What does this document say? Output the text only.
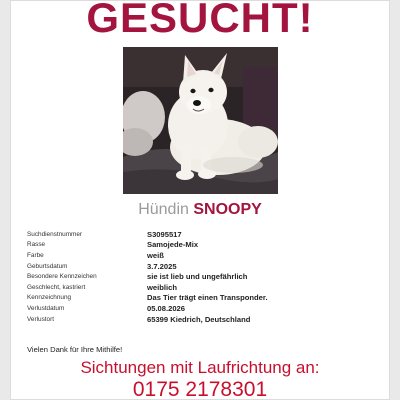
GESUCHT!
Hündin SNOOPY
Suchdienstnummer	S3095517
Rasse	Samojede-Mix
Farbe	weiß
Geburtsdatum	3.7.2025
Besondere Kennzeichen	sie ist lieb und ungefährlich
Geschlecht, kastriert	weiblich
Kennzeichnung	Das Tier trägt einen Transponder.
Verlustdatum	05.08.2026
Verlustort	65399 Kiedrich, Deutschland
Vielen Dank für Ihre Mithilfe!
Sichtungen mit Laufrichtung an:
0175 2178301
